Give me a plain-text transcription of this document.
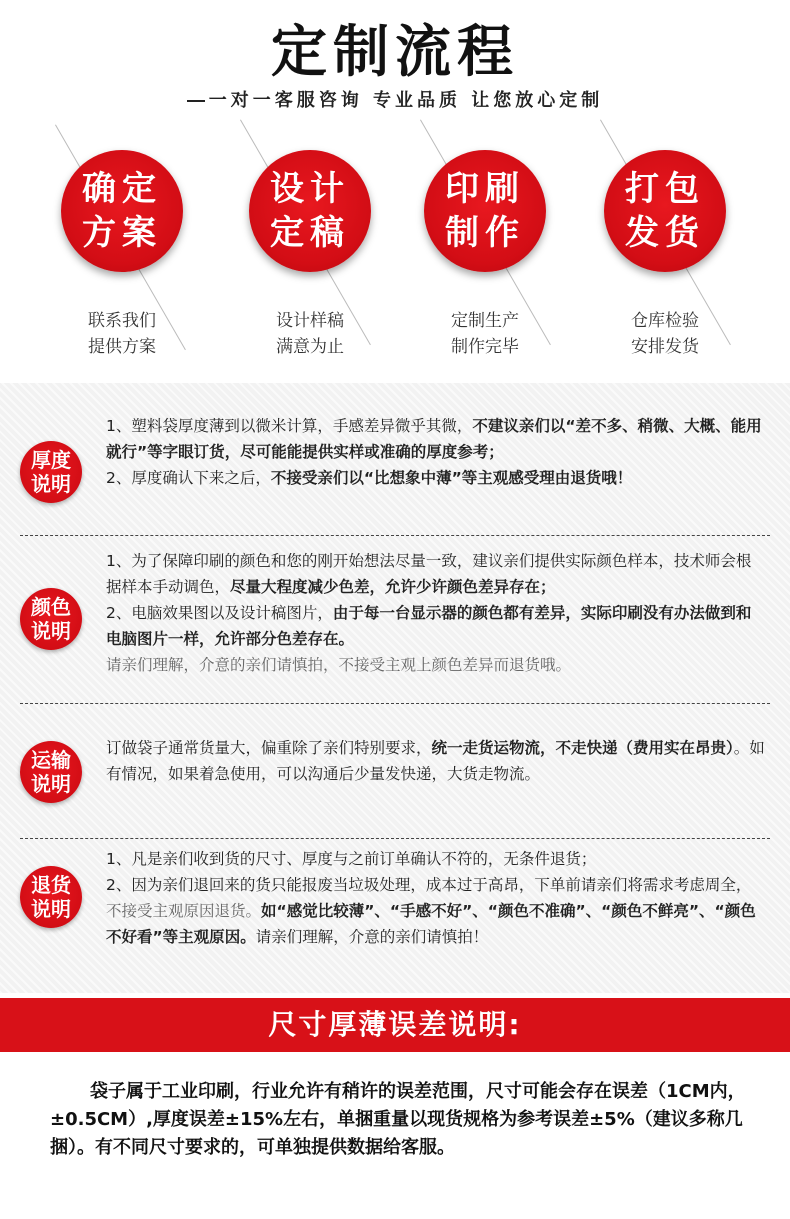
定制流程
一对一客服咨询 专业品质 让您放心定制
确定
方案
联系我们
提供方案
设计
定稿
设计样稿
满意为止
印刷
制作
定制生产
制作完毕
打包
发货
仓库检验
安排发货
厚度
说明

1、塑料袋厚度薄到以微米计算，手感差异微乎其微，不建议亲们以“差不多、稍微、大概、能用就行”等字眼订货，尽可能能提供实样或准确的厚度参考；

2、厚度确认下来之后，不接受亲们以“比想象中薄”等主观感受理由退货哦！

颜色
说明

1、为了保障印刷的颜色和您的刚开始想法尽量一致，建议亲们提供实际颜色样本，技术师会根据样本手动调色，尽量大程度减少色差，允许少许颜色差异存在；

2、电脑效果图以及设计稿图片，由于每一台显示器的颜色都有差异，实际印刷没有办法做到和电脑图片一样，允许部分色差存在。

请亲们理解，介意的亲们请慎拍，不接受主观上颜色差异而退货哦。

运输
说明

订做袋子通常货量大，偏重除了亲们特别要求，统一走货运物流，不走快递（费用实在昂贵）。如有情况，如果着急使用，可以沟通后少量发快递，大货走物流。

退货
说明

1、凡是亲们收到货的尺寸、厚度与之前订单确认不符的，无条件退货；

2、因为亲们退回来的货只能报废当垃圾处理，成本过于高昂，下单前请亲们将需求考虑周全，不接受主观原因退货。如“感觉比较薄”、“手感不好”、“颜色不准确”、“颜色不鲜亮”、“颜色不好看”等主观原因。请亲们理解，介意的亲们请慎拍！

尺寸厚薄误差说明:
袋子属于工业印刷，行业允许有稍许的误差范围，尺寸可能会存在误差（1CM内，±0.5CM）,厚度误差±15%左右，单捆重量以现货规格为参考误差±5%（建议多称几捆）。有不同尺寸要求的，可单独提供数据给客服。
